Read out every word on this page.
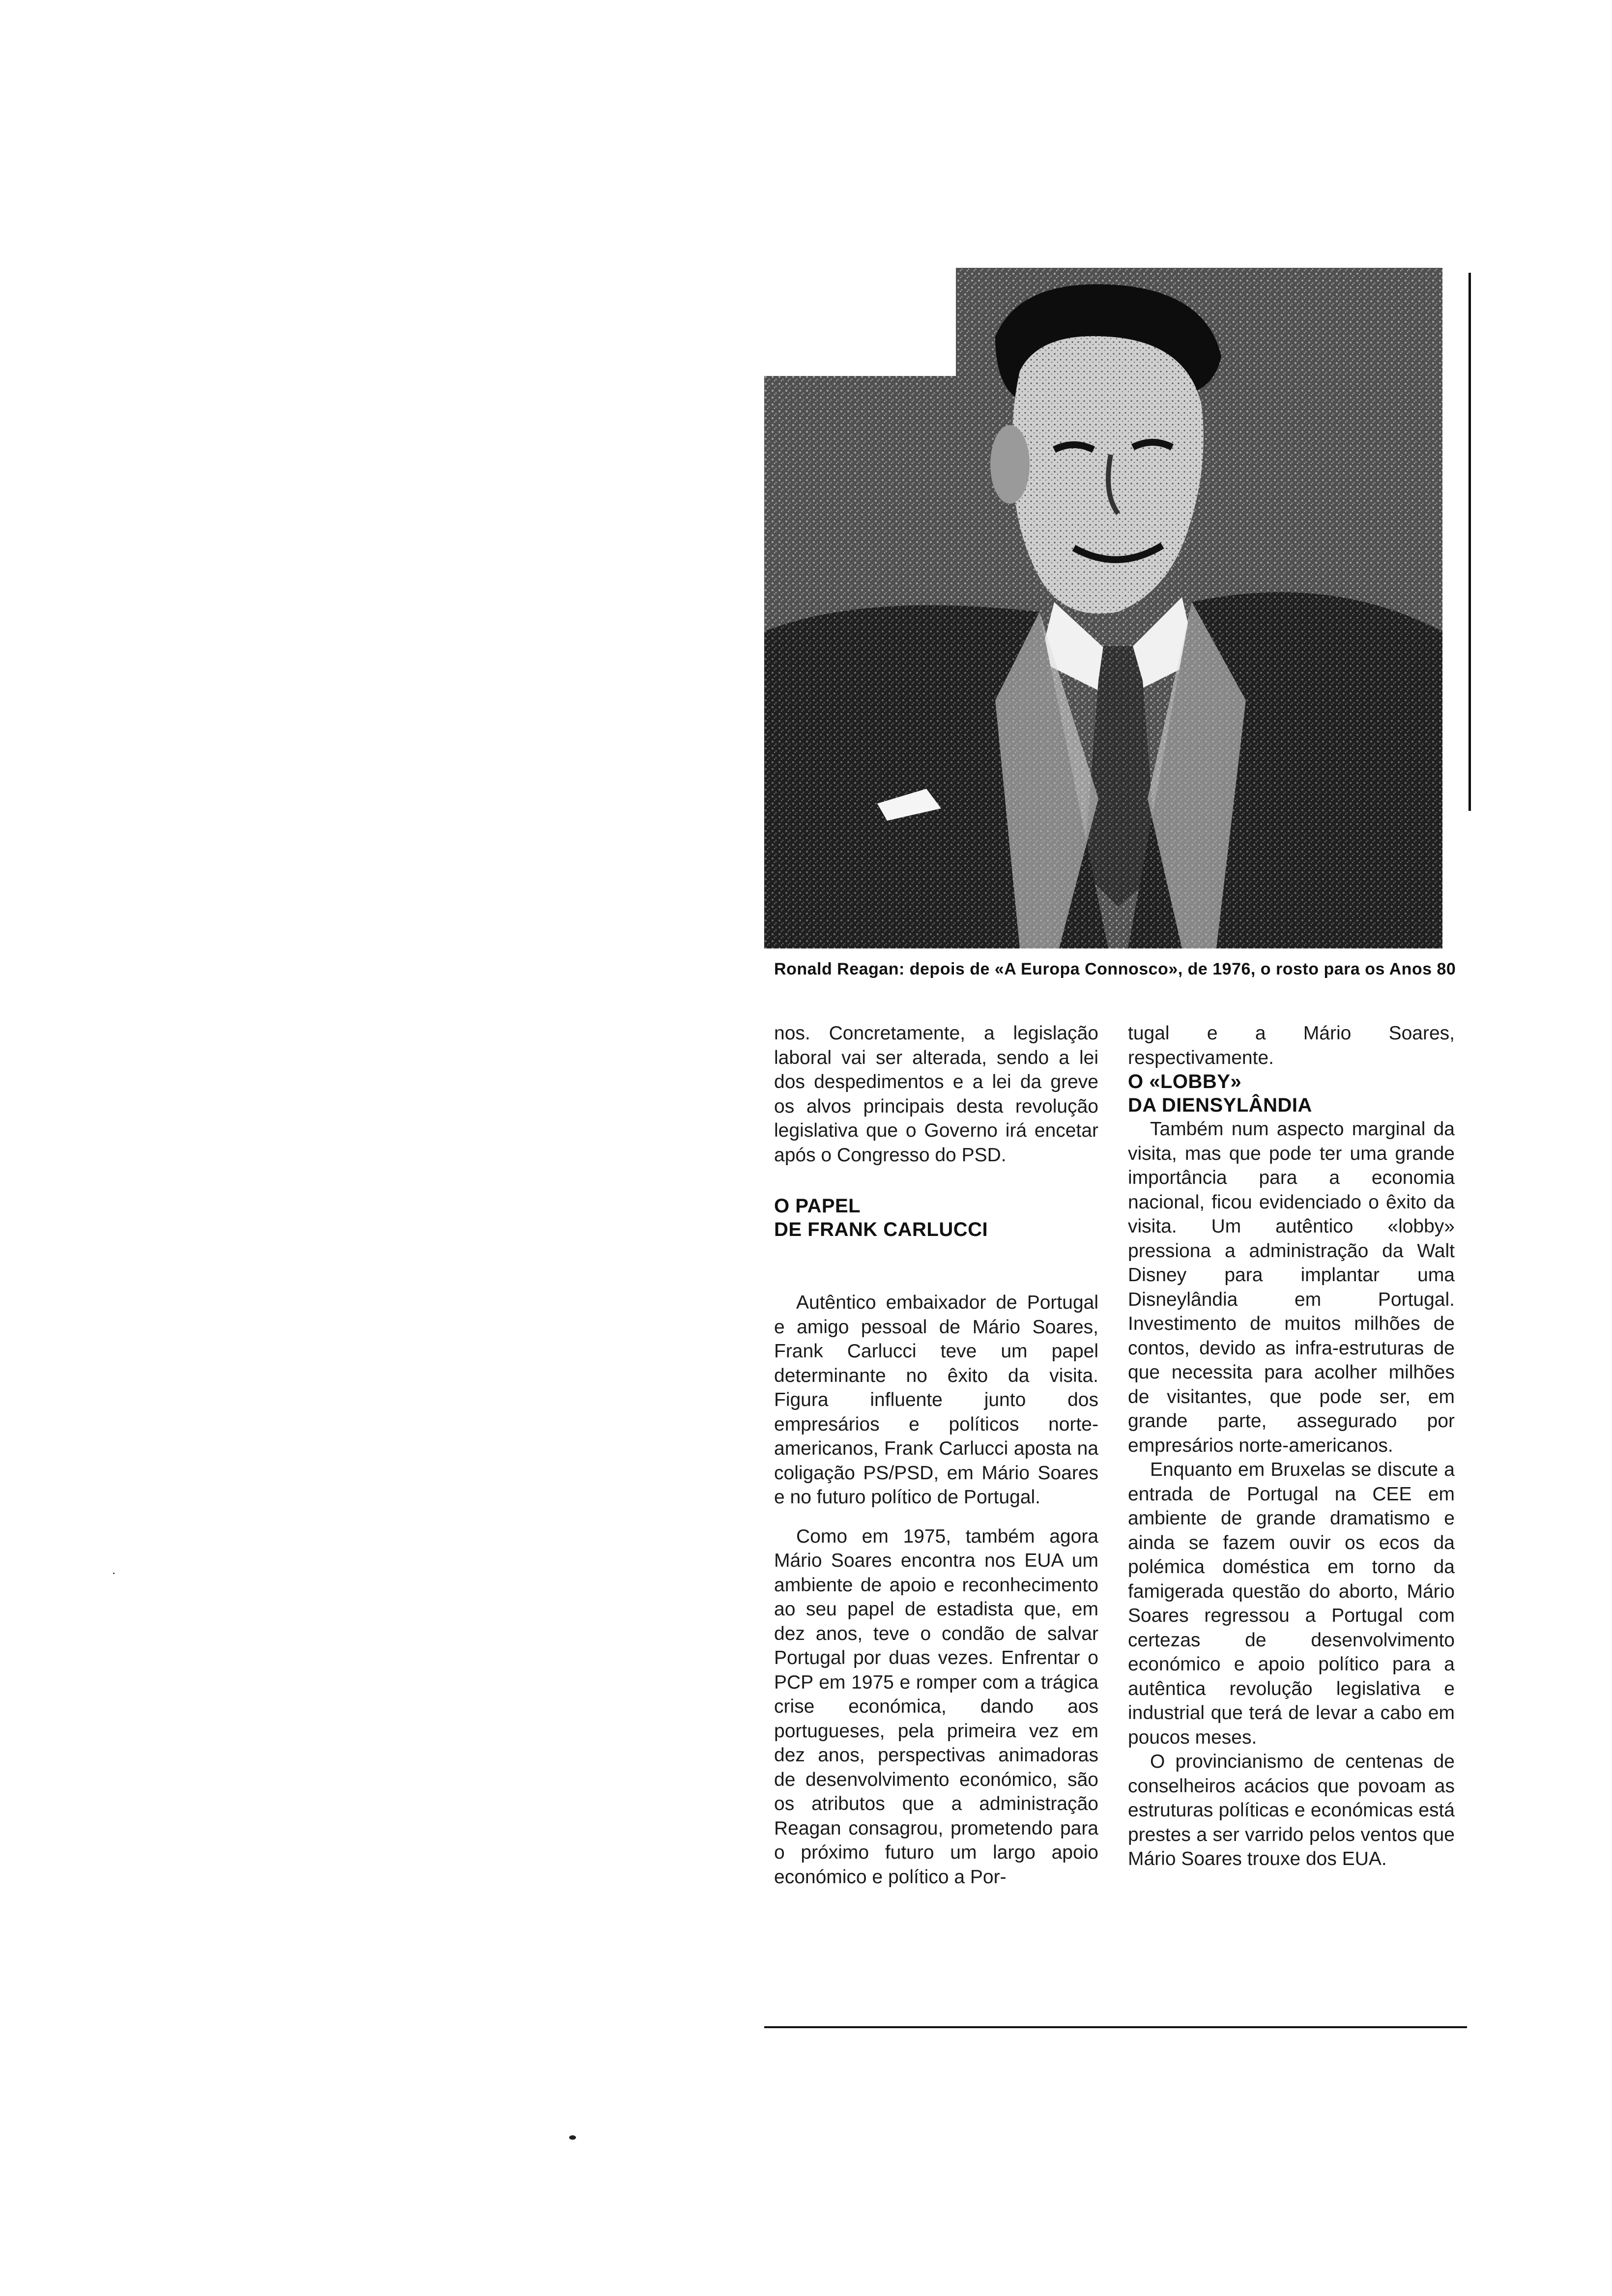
Ronald Reagan: depois de «A Europa Connosco», de 1976, o rosto para os Anos 80

nos. Concretamente, a legislação laboral vai ser alterada, sendo a lei dos despedimentos e a lei da greve os alvos principais desta revolução legislativa que o Governo irá encetar após o Congresso do PSD.

O PAPEL
DE FRANK CARLUCCI

Autêntico embaixador de Portugal e amigo pessoal de Mário Soares, Frank Carlucci teve um papel determinante no êxito da visita. Figura influente junto dos empresários e políticos norte-americanos, Frank Carlucci aposta na coligação PS/PSD, em Mário Soares e no futuro político de Portugal.

Como em 1975, também agora Mário Soares encontra nos EUA um ambiente de apoio e reconhecimento ao seu papel de estadista que, em dez anos, teve o condão de salvar Portugal por duas vezes. Enfrentar o PCP em 1975 e romper com a trágica crise económica, dando aos portugueses, pela primeira vez em dez anos, perspectivas animadoras de desenvolvimento económico, são os atributos que a administração Reagan consagrou, prometendo para o próximo futuro um largo apoio económico e político a Por-

tugal e a Mário Soares, respectivamente.

O «LOBBY»
DA DIENSYLÂNDIA

Também num aspecto marginal da visita, mas que pode ter uma grande importância para a economia nacional, ficou evidenciado o êxito da visita. Um autêntico «lobby» pressiona a administração da Walt Disney para implantar uma Disneylândia em Portugal. Investimento de muitos milhões de contos, devido as infra-estruturas de que necessita para acolher milhões de visitantes, que pode ser, em grande parte, assegurado por empresários norte-americanos.

Enquanto em Bruxelas se discute a entrada de Portugal na CEE em ambiente de grande dramatismo e ainda se fazem ouvir os ecos da polémica doméstica em torno da famigerada questão do aborto, Mário Soares regressou a Portugal com certezas de desenvolvimento económico e apoio político para a autêntica revolução legislativa e industrial que terá de levar a cabo em poucos meses.

O provincianismo de centenas de conselheiros acácios que povoam as estruturas políticas e económicas está prestes a ser varrido pelos ventos que Mário Soares trouxe dos EUA.
